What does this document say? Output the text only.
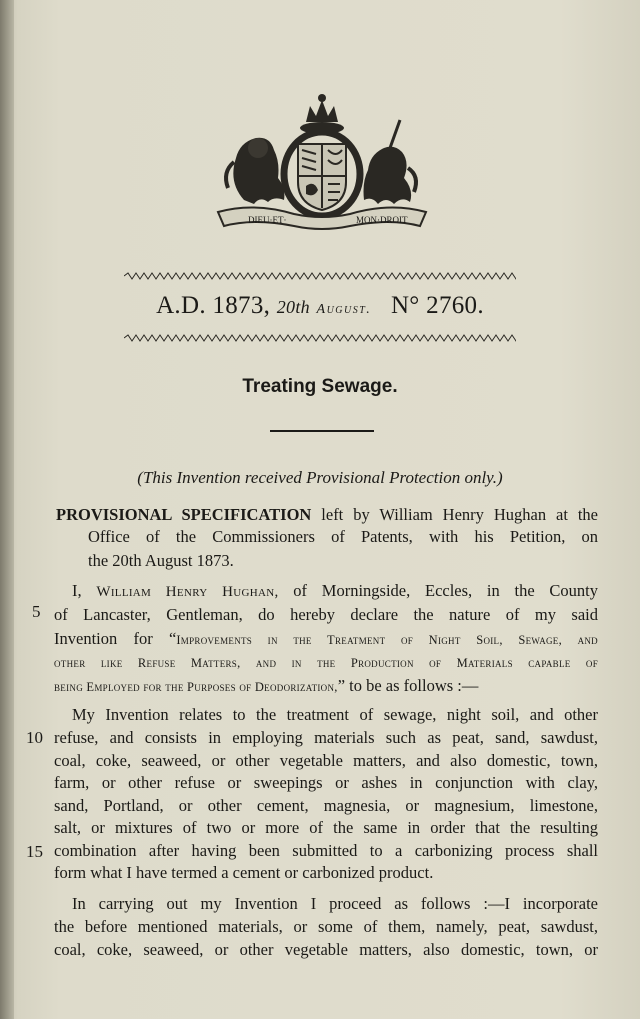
DIEU·ET·	MON·DROIT
A.D. 1873, 20th August. N° 2760.
Treating Sewage.
(This Invention received Provisional Protection only.)
PROVISIONAL SPECIFICATION left by William Henry Hughan at the
Office of the Commissioners of Patents, with his Petition, on
the 20th August 1873.
I, William Henry Hughan, of Morningside, Eccles, in the County
of Lancaster, Gentleman, do hereby declare the nature of my said
Invention for “Improvements in the Treatment of Night Soil, Sewage, and
other like Refuse Matters, and in the Production of Materials capable of
being Employed for the Purposes of Deodorization,” to be as follows :—
My Invention relates to the treatment of sewage, night soil, and other
refuse, and consists in employing materials such as peat, sand, sawdust,
coal, coke, seaweed, or other vegetable matters, and also domestic, town,
farm, or other refuse or sweepings or ashes in conjunction with clay,
sand, Portland, or other cement, magnesia, or magnesium, limestone,
salt, or mixtures of two or more of the same in order that the resulting
combination after having been submitted to a carbonizing process shall
form what I have termed a cement or carbonized product.
In carrying out my Invention I proceed as follows :—I incorporate
the before mentioned materials, or some of them, namely, peat, sawdust,
coal, coke, seaweed, or other vegetable matters, also domestic, town, or
5
10
15
